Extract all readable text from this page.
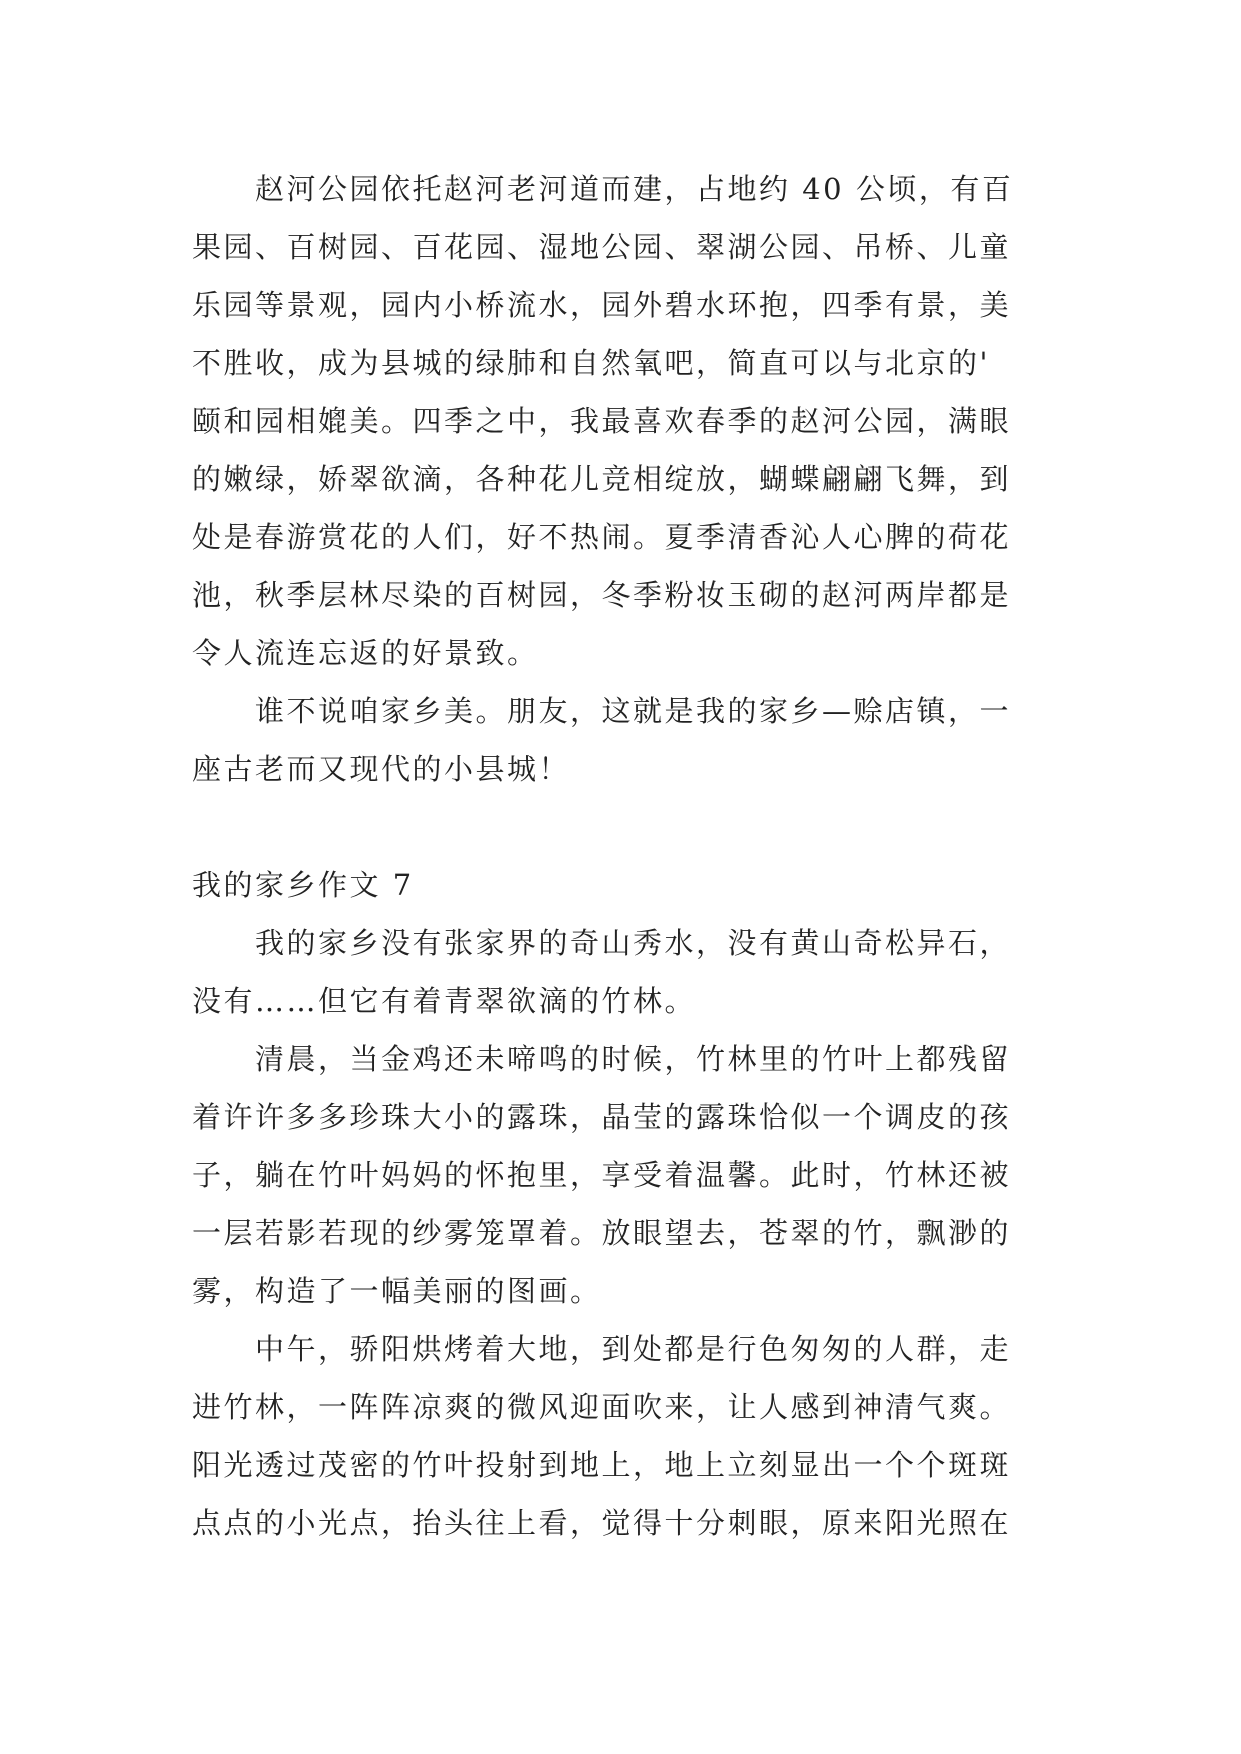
　　赵河公园依托赵河老河道而建，占地约 40 公顷，有百
果园、百树园、百花园、湿地公园、翠湖公园、吊桥、儿童
乐园等景观，园内小桥流水，园外碧水环抱，四季有景，美
不胜收，成为县城的绿肺和自然氧吧，简直可以与北京的'
颐和园相媲美。四季之中，我最喜欢春季的赵河公园，满眼
的嫩绿，娇翠欲滴，各种花儿竞相绽放，蝴蝶翩翩飞舞，到
处是春游赏花的人们，好不热闹。夏季清香沁人心脾的荷花
池，秋季层林尽染的百树园，冬季粉妆玉砌的赵河两岸都是
令人流连忘返的好景致。
　　谁不说咱家乡美。朋友，这就是我的家乡—赊店镇，一
座古老而又现代的小县城！
我的家乡作文 7
　　我的家乡没有张家界的奇山秀水，没有黄山奇松异石，
没有……但它有着青翠欲滴的竹林。
　　清晨，当金鸡还未啼鸣的时候，竹林里的竹叶上都残留
着许许多多珍珠大小的露珠，晶莹的露珠恰似一个调皮的孩
子，躺在竹叶妈妈的怀抱里，享受着温馨。此时，竹林还被
一层若影若现的纱雾笼罩着。放眼望去，苍翠的竹，飘渺的
雾，构造了一幅美丽的图画。
　　中午，骄阳烘烤着大地，到处都是行色匆匆的人群，走
进竹林，一阵阵凉爽的微风迎面吹来，让人感到神清气爽。
阳光透过茂密的竹叶投射到地上，地上立刻显出一个个斑斑
点点的小光点，抬头往上看，觉得十分刺眼，原来阳光照在
